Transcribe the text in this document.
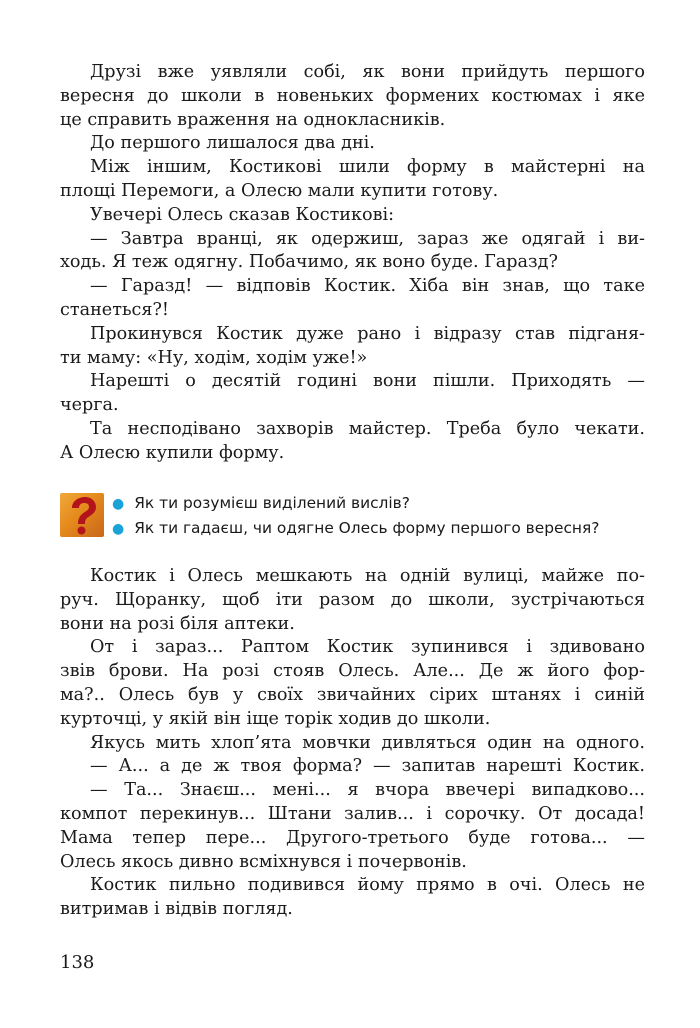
Друзі вже уявляли собі, як вони прийдуть першого
вересня до школи в новеньких формених костюмах і яке
це справить враження на однокласників.
До першого лишалося два дні.
Між іншим, Костикові шили форму в майстерні на
площі Перемоги, а Олесю мали купити готову.
Увечері Олесь сказав Костикові:
— Завтра вранці, як одержиш, зараз же одягай і ви-
ходь. Я теж одягну. Побачимо, як воно буде. Гаразд?
— Гаразд! — відповів Костик. Хіба він знав, що таке
станеться?!
Прокинувся Костик дуже рано і відразу став підганя-
ти маму: «Ну, ходім, ходім уже!»
Нарешті о десятій годині вони пішли. Приходять —
черга.
Та несподівано захворів майстер. Треба було чекати.
А Олесю купили форму.
● Як ти розумієш виділений вислів?
● Як ти гадаєш, чи одягне Олесь форму першого вересня?
Костик і Олесь мешкають на одній вулиці, майже по-
руч. Щоранку, щоб іти разом до школи, зустрічаються
вони на розі біля аптеки.
От і зараз... Раптом Костик зупинився і здивовано
звів брови. На розі стояв Олесь. Але... Де ж його фор-
ма?.. Олесь був у своїх звичайних сірих штанях і синій
курточці, у якій він іще торік ходив до школи.
Якусь мить хлоп’ята мовчки дивляться один на одного.
— А... а де ж твоя форма? — запитав нарешті Костик.
— Та... Знаєш... мені... я вчора ввечері випадково...
компот перекинув... Штани залив... і сорочку. От досада!
Мама тепер пере... Другого-третього буде готова... —
Олесь якось дивно всміхнувся і почервонів.
Костик пильно подивився йому прямо в очі. Олесь не
витримав і відвів погляд.
138
